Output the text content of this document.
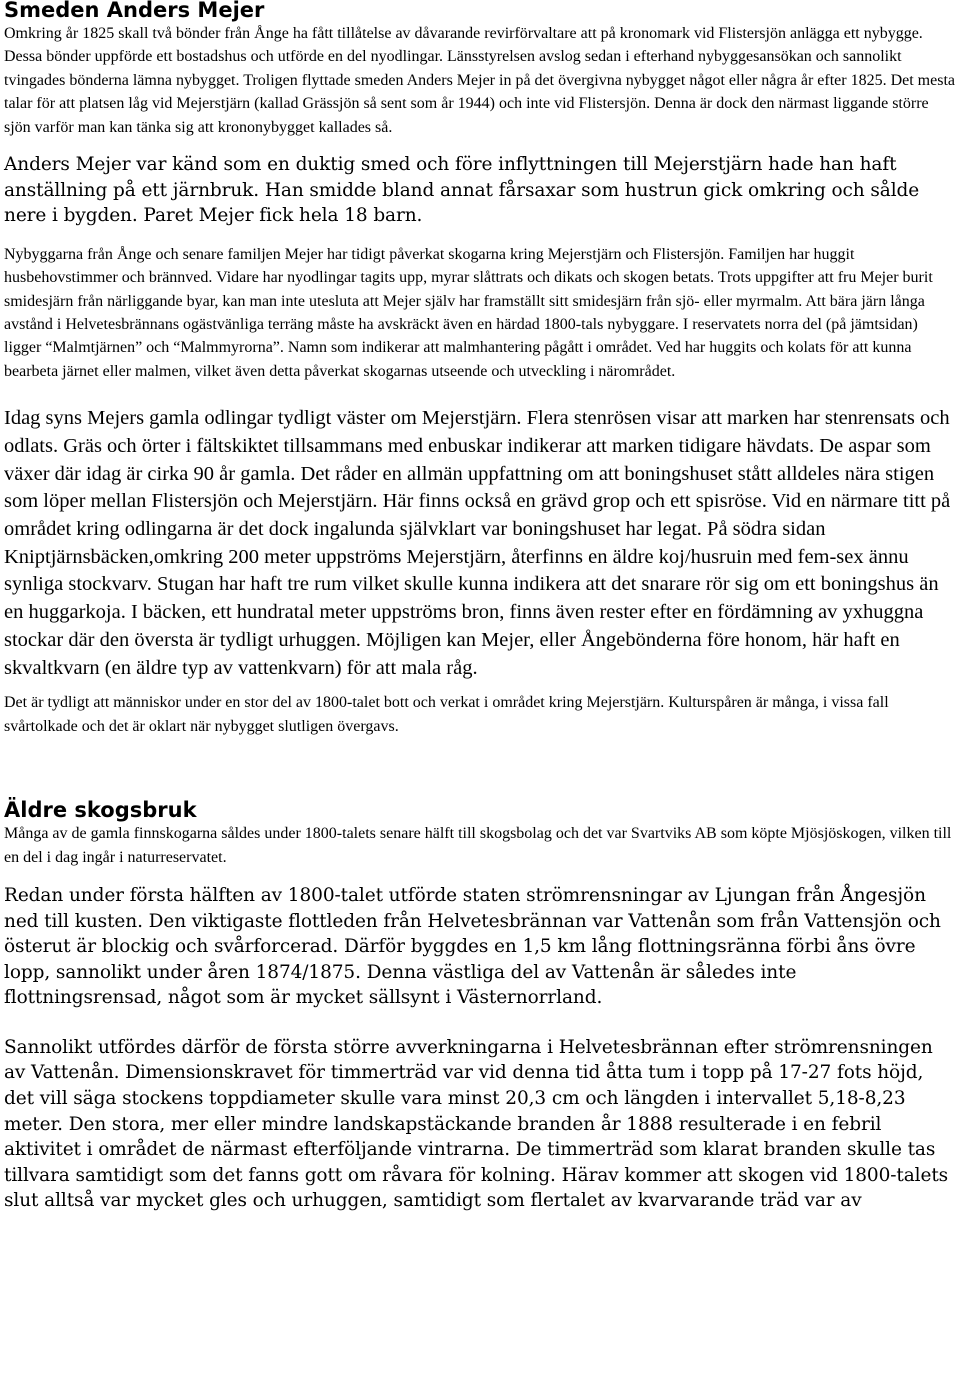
Smeden Anders Mejer

Omkring år 1825 skall två bönder från Ånge ha fått tillåtelse av dåvarande revirförvaltare att på kronomark vid Flistersjön anlägga ett nybygge. Dessa bönder uppförde ett bostadshus och utförde en del nyodlingar. Länsstyrelsen avslog sedan i efterhand nybyggesansökan och sannolikt tvingades bönderna lämna nybygget. Troligen flyttade smeden Anders Mejer in på det övergivna nybygget något eller några år efter 1825. Det mesta talar för att platsen låg vid Mejerstjärn (kallad Grässjön så sent som år 1944) och inte vid Flistersjön. Denna är dock den närmast liggande större sjön varför man kan tänka sig att krononybygget kallades så.

Anders Mejer var känd som en duktig smed och före inflyttningen till Mejerstjärn hade han haft anställning på ett järnbruk. Han smidde bland annat fårsaxar som hustrun gick omkring och sålde nere i bygden. Paret Mejer fick hela 18 barn.

Nybyggarna från Ånge och senare familjen Mejer har tidigt påverkat skogarna kring Mejerstjärn och Flistersjön. Familjen har huggit husbehovstimmer och brännved. Vidare har nyodlingar tagits upp, myrar slåttrats och dikats och skogen betats. Trots uppgifter att fru Mejer burit smidesjärn från närliggande byar, kan man inte utesluta att Mejer själv har framställt sitt smidesjärn från sjö- eller myrmalm. Att bära järn långa avstånd i Helvetesbrännans ogästvänliga terräng måste ha avskräckt även en härdad 1800-tals nybyggare. I reservatets norra del (på jämtsidan) ligger “Malmtjärnen” och “Malmmyrorna”. Namn som indikerar att malmhantering pågått i området. Ved har huggits och kolats för att kunna bearbeta järnet eller malmen, vilket även detta påverkat skogarnas utseende och utveckling i närområdet.

Idag syns Mejers gamla odlingar tydligt väster om Mejerstjärn. Flera stenrösen visar att marken har stenrensats och odlats. Gräs och örter i fältskiktet tillsammans med enbuskar indikerar att marken tidigare hävdats. De aspar som växer där idag är cirka 90 år gamla. Det råder en allmän uppfattning om att boningshuset stått alldeles nära stigen som löper mellan Flistersjön och Mejerstjärn. Här finns också en grävd grop och ett spisröse. Vid en närmare titt på området kring odlingarna är det dock ingalunda självklart var boningshuset har legat. På södra sidan Kniptjärnsbäcken,omkring 200 meter uppströms Mejerstjärn, återfinns en äldre koj/husruin med fem-sex ännu synliga stockvarv. Stugan har haft tre rum vilket skulle kunna indikera att det snarare rör sig om ett boningshus än en huggarkoja. I bäcken, ett hundratal meter uppströms bron, finns även rester efter en fördämning av yxhuggna stockar där den översta är tydligt urhuggen. Möjligen kan Mejer, eller Ångebönderna före honom, här haft en skvaltkvarn (en äldre typ av vattenkvarn) för att mala råg.

Det är tydligt att människor under en stor del av 1800-talet bott och verkat i området kring Mejerstjärn. Kulturspåren är många, i vissa fall svårtolkade och det är oklart när nybygget slutligen övergavs.

Äldre skogsbruk

Många av de gamla finnskogarna såldes under 1800-talets senare hälft till skogsbolag och det var Svartviks AB som köpte Mjösjöskogen, vilken till en del i dag ingår i naturreservatet.

Redan under första hälften av 1800-talet utförde staten strömrensningar av Ljungan från Ångesjön ned till kusten. Den viktigaste flottleden från Helvetesbrännan var Vattenån som från Vattensjön och österut är blockig och svårforcerad. Därför byggdes en 1,5 km lång flottningsränna förbi åns övre lopp, sannolikt under åren 1874/1875. Denna västliga del av Vattenån är således inte flottningsrensad, något som är mycket sällsynt i Västernorrland.

Sannolikt utfördes därför de första större avverkningarna i Helvetesbrännan efter strömrensningen av Vattenån. Dimensionskravet för timmerträd var vid denna tid åtta tum i topp på 17-27 fots höjd, det vill säga stockens toppdiameter skulle vara minst 20,3 cm och längden i intervallet 5,18-8,23 meter. Den stora, mer eller mindre landskapstäckande branden år 1888 resulterade i en febril aktivitet i området de närmast efterföljande vintrarna. De timmerträd som klarat branden skulle tas tillvara samtidigt som det fanns gott om råvara för kolning. Härav kommer att skogen vid 1800-talets slut alltså var mycket gles och urhuggen, samtidigt som flertalet av kvarvarande träd var av
